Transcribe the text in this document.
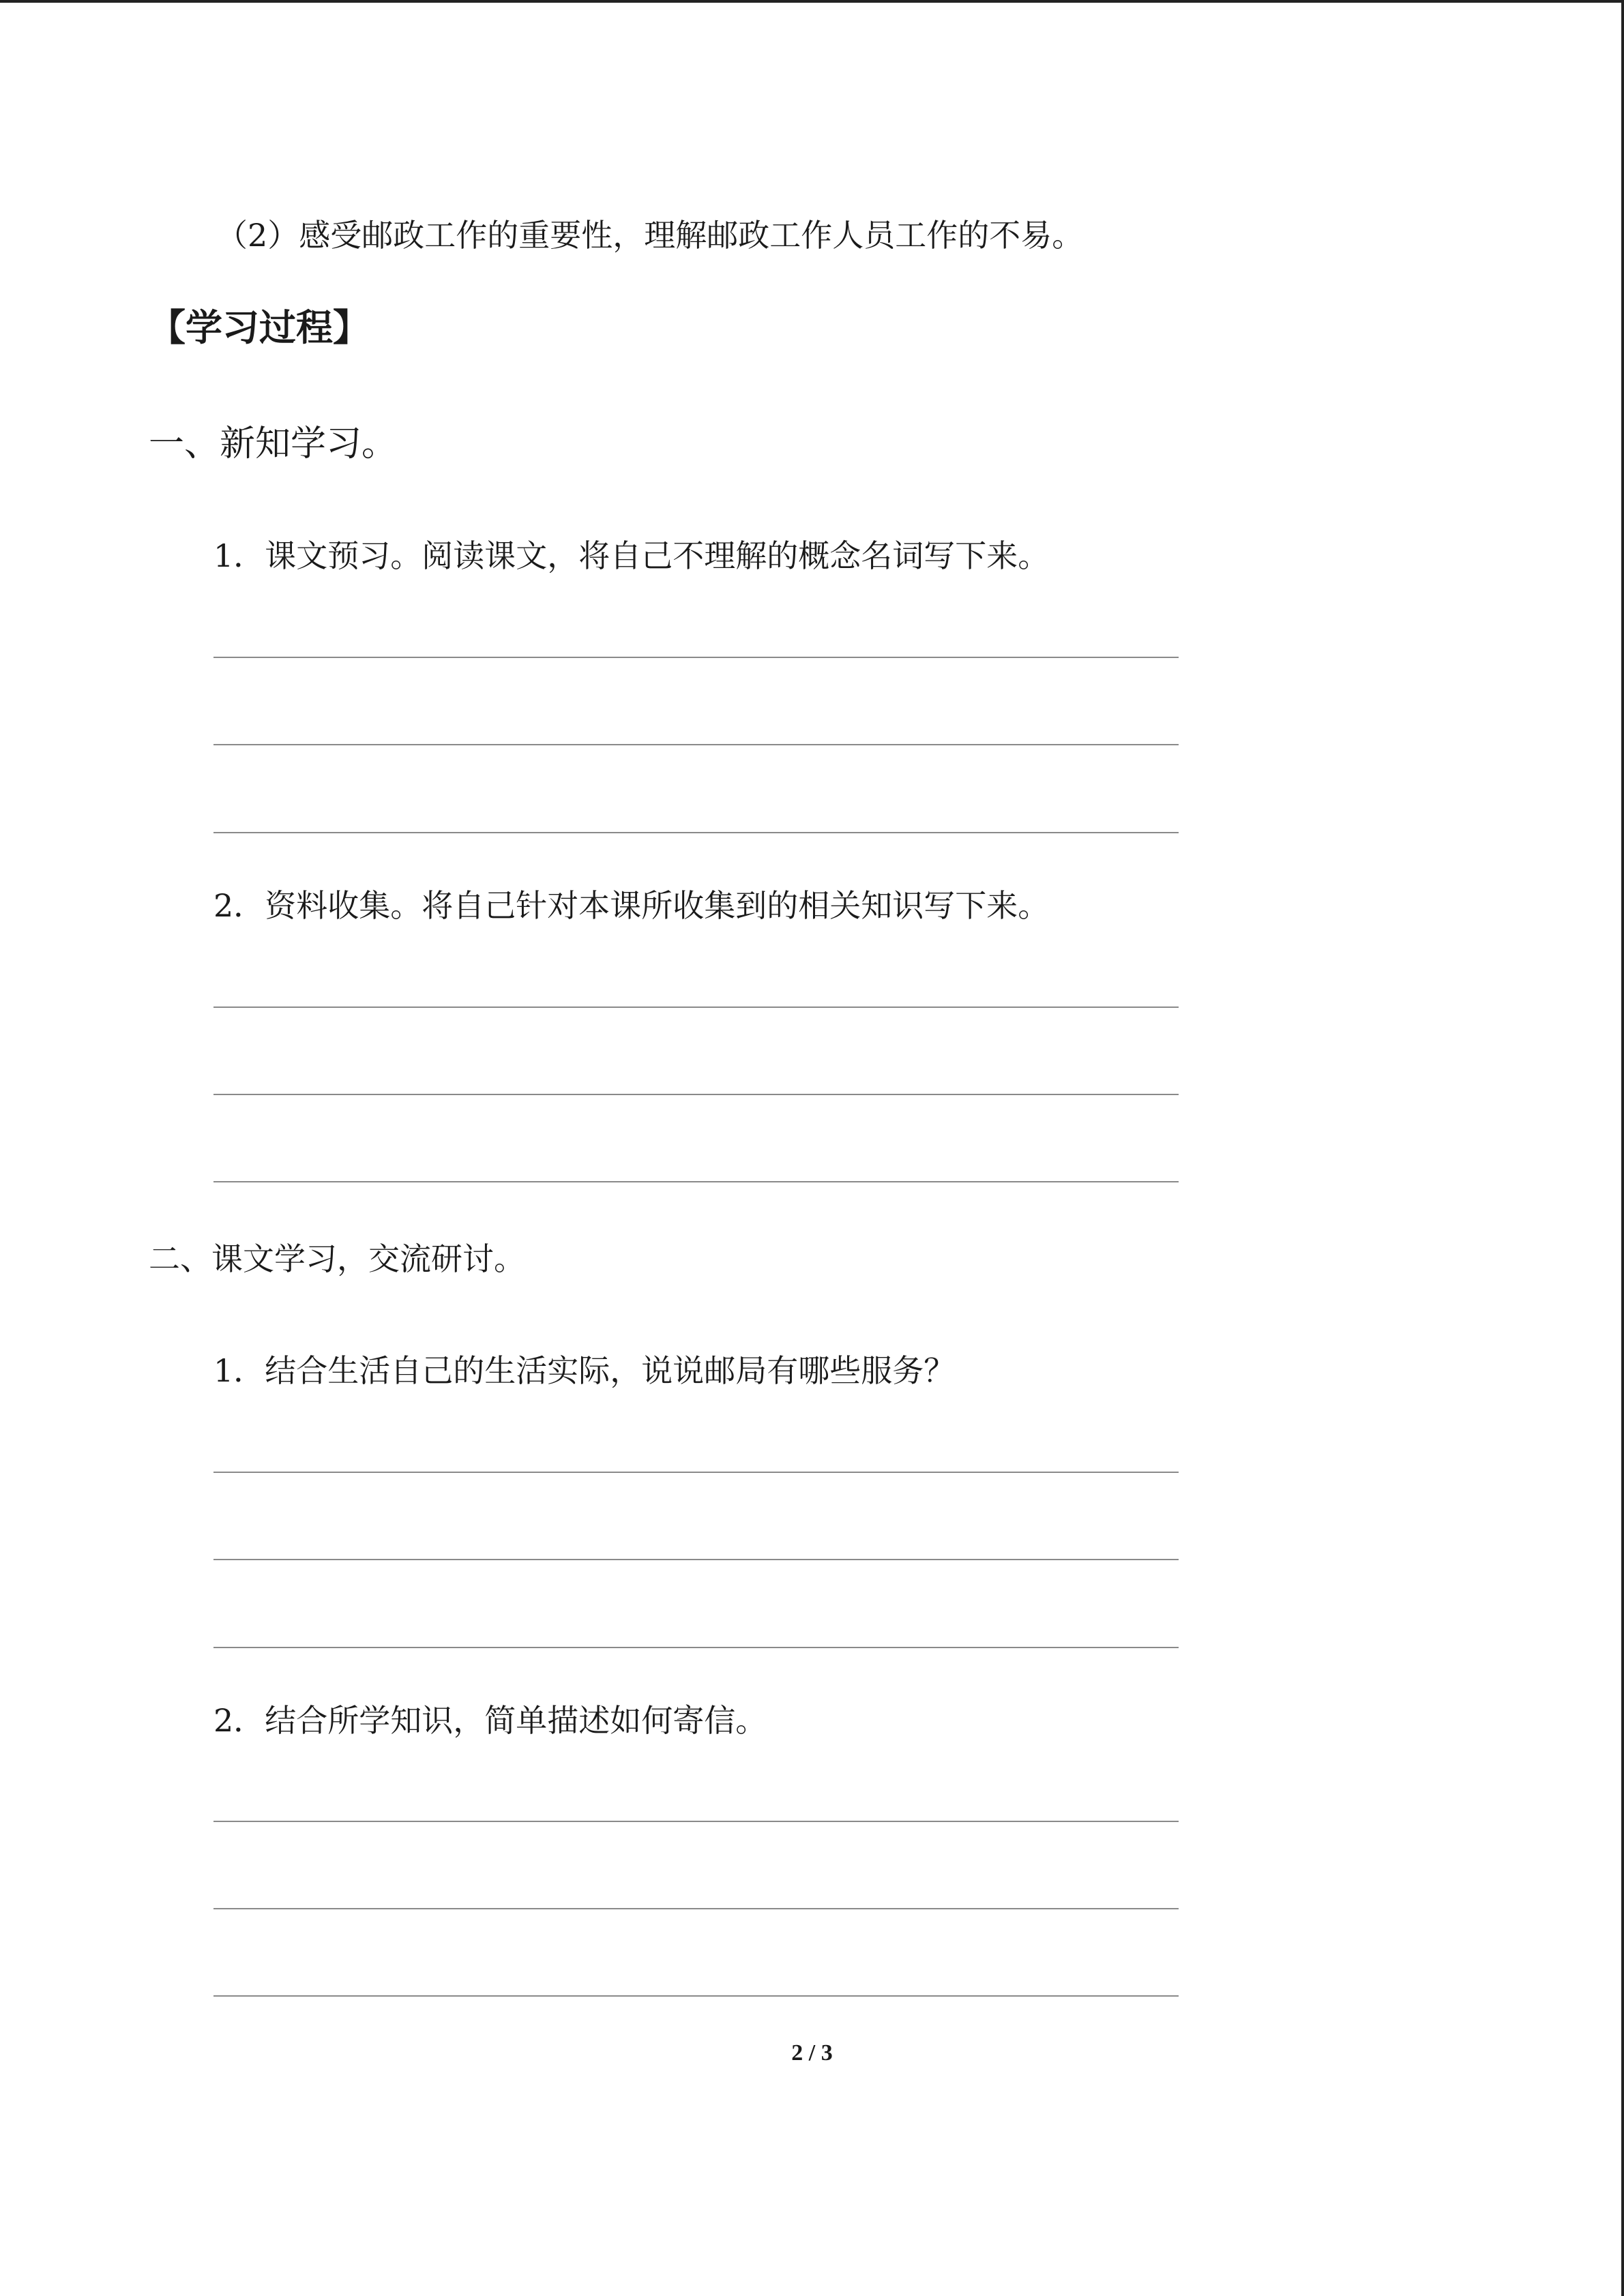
（2）感受邮政工作的重要性，理解邮政工作人员工作的不易。
【学习过程】
一、新知学习。
1．课文预习。阅读课文，将自己不理解的概念名词写下来。
2．资料收集。将自己针对本课所收集到的相关知识写下来。
二、课文学习，交流研讨。
1．结合生活自己的生活实际，说说邮局有哪些服务？
2．结合所学知识，简单描述如何寄信。
2 / 3
